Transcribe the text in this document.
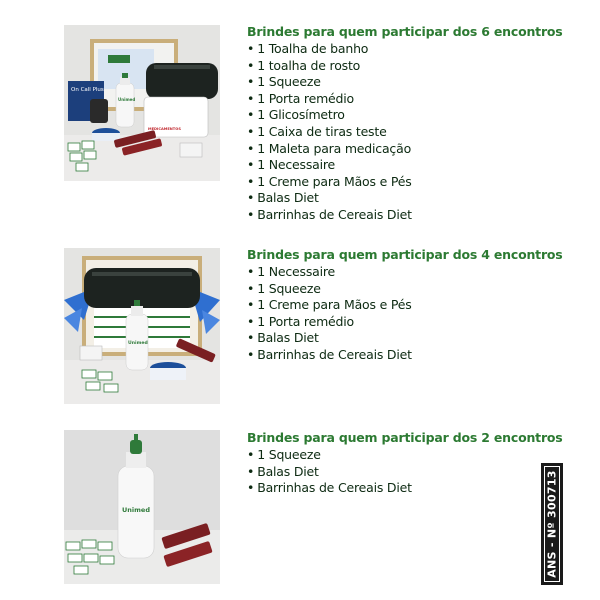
On Call Plus
Unimed
MEDICAMENTOS

Brindes para quem participar dos 6 encontros

• 1 Toalha de banho
• 1 toalha de rosto
• 1 Squeeze
• 1 Porta remédio
• 1 Glicosímetro
• 1 Caixa de tiras teste
• 1 Maleta para medicação
• 1 Necessaire
• 1 Creme para Mãos e Pés
• Balas Diet
• Barrinhas de Cereais Diet
Unimed

Brindes para quem participar dos 4 encontros

• 1 Necessaire
• 1 Squeeze
• 1 Creme para Mãos e Pés
• 1 Porta remédio
• Balas Diet
• Barrinhas de Cereais Diet
Unimed

Brindes para quem participar dos 2 encontros

• 1 Squeeze
• Balas Diet
• Barrinhas de Cereais Diet	ANS - Nº 300713
